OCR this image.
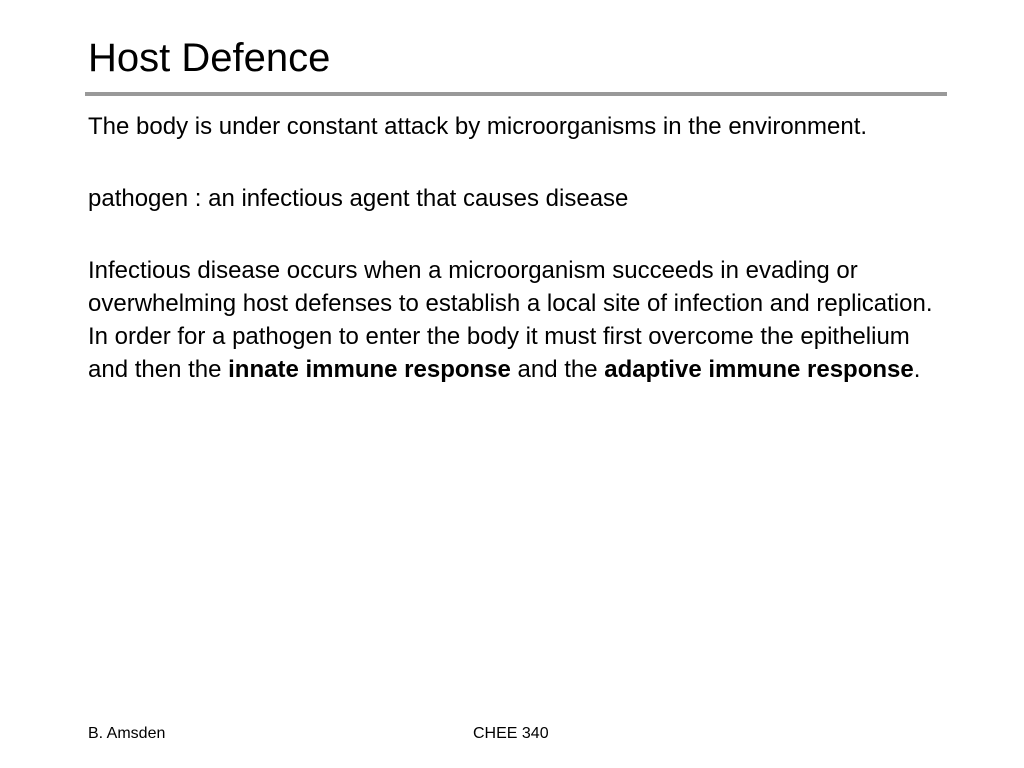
Host Defence

The body is under constant attack by microorganisms in the environment.

pathogen : an infectious agent that causes disease

Infectious disease occurs when a microorganism succeeds in evading or overwhelming host defenses to establish a local site of infection and replication.   In order for a pathogen to enter the body it must first overcome the epithelium and then the innate immune response and the adaptive immune response.

B. Amsden	CHEE 340
